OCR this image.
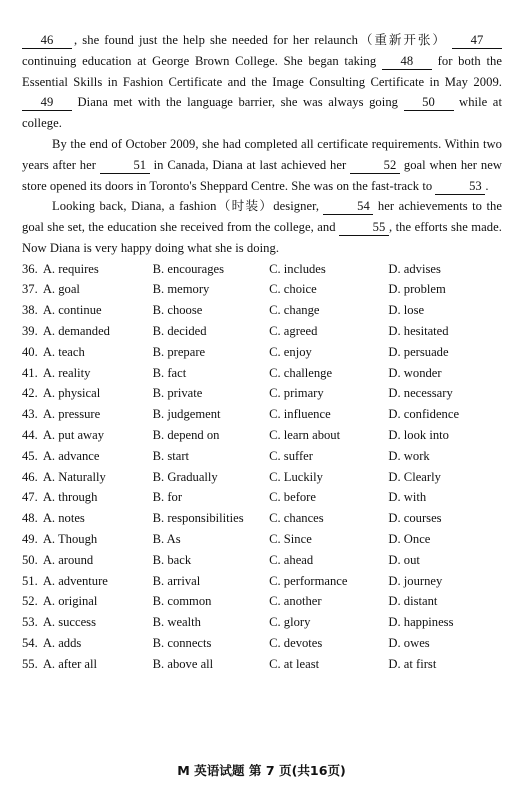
46 , she found just the help she needed for her relaunch（重新开张） 47 continuing education at George Brown College. She began taking 48 for both the Essential Skills in Fashion Certificate and the Image Consulting Certificate in May 2009. 49 Diana met with the language barrier, she was always going 50 while at college.

By the end of October 2009, she had completed all certificate requirements. Within two years after her	51 in Canada, Diana at last achieved her	52 goal when her new store opened its doors in Toronto's Sheppard Centre. She was on the fast-track to	53 .

Looking back, Diana, a fashion（时装）designer,	54 her achievements to the goal she set, the education she received from the college, and	55 , the efforts she made. Now Diana is very happy doing what she is doing.

36. A. requires	B. encourages	C. includes	D. advises
37. A. goal	B. memory	C. choice	D. problem
38. A. continue	B. choose	C. change	D. lose
39. A. demanded	B. decided	C. agreed	D. hesitated
40. A. teach	B. prepare	C. enjoy	D. persuade
41. A. reality	B. fact	C. challenge	D. wonder
42. A. physical	B. private	C. primary	D. necessary
43. A. pressure	B. judgement	C. influence	D. confidence
44. A. put away	B. depend on	C. learn about	D. look into
45. A. advance	B. start	C. suffer	D. work
46. A. Naturally	B. Gradually	C. Luckily	D. Clearly
47. A. through	B. for	C. before	D. with
48. A. notes	B. responsibilities	C. chances	D. courses
49. A. Though	B. As	C. Since	D. Once
50. A. around	B. back	C. ahead	D. out
51. A. adventure	B. arrival	C. performance	D. journey
52. A. original	B. common	C. another	D. distant
53. A. success	B. wealth	C. glory	D. happiness
54. A. adds	B. connects	C. devotes	D. owes
55. A. after all	B. above all	C. at least	D. at first
M 英语试题 第 7 页(共16页)
